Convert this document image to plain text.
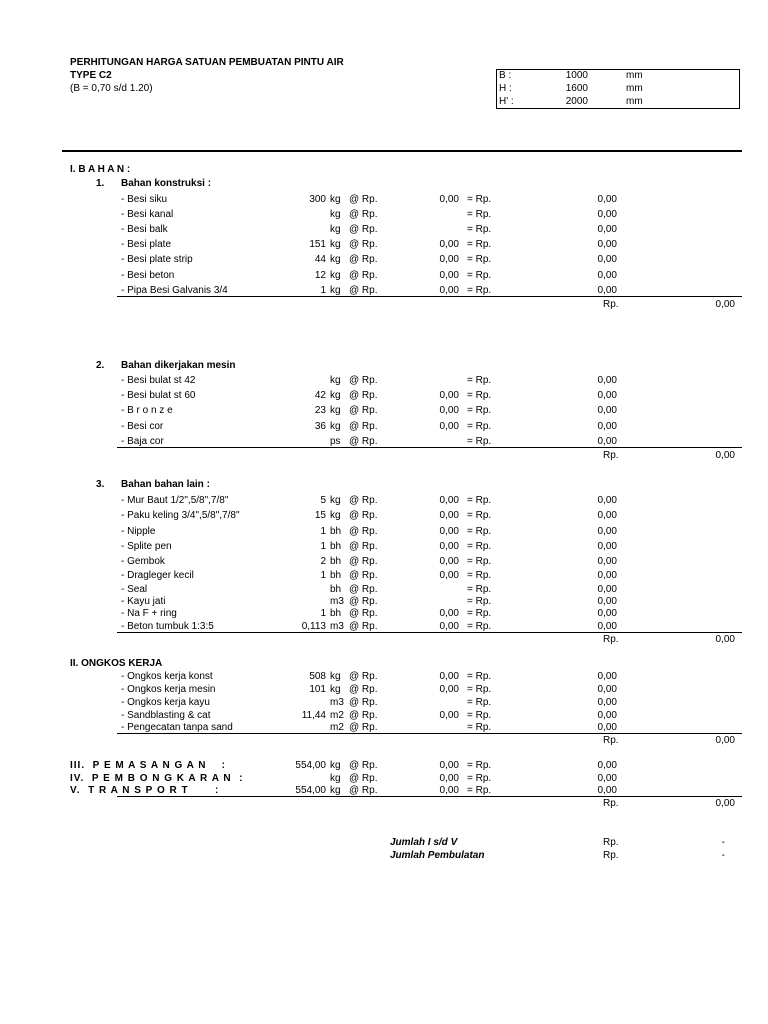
PERHITUNGAN HARGA SATUAN PEMBUATAN PINTU AIR
TYPE C2
(B = 0,70 s/d 1.20)
B :	1000	mm
H :	1600	mm
H' :	2000	mm
I. B A H A N :
1. Bahan konstruksi :
- Besi siku	300 kg @ Rp.	0,00 = Rp.	0,00
- Besi kanal	kg @ Rp.	= Rp.	0,00
- Besi balk	kg @ Rp.	= Rp.	0,00
- Besi plate	151 kg @ Rp.	0,00 = Rp.	0,00
- Besi plate strip	44 kg @ Rp.	0,00 = Rp.	0,00
- Besi beton	12 kg @ Rp.	0,00 = Rp.	0,00
- Pipa Besi Galvanis 3/4	1 kg @ Rp.	0,00 = Rp.	0,00
Rp.	0,00
2. Bahan dikerjakan mesin
- Besi bulat st 42	kg @ Rp.	= Rp.	0,00
- Besi bulat st 60	42 kg @ Rp.	0,00 = Rp.	0,00
- B r o n z e	23 kg @ Rp.	0,00 = Rp.	0,00
- Besi cor	36 kg @ Rp.	0,00 = Rp.	0,00
- Baja cor	ps @ Rp.	= Rp.	0,00
Rp.	0,00
3. Bahan bahan lain :
- Mur Baut 1/2",5/8",7/8"	5 kg @ Rp.	0,00 = Rp.	0,00
- Paku keling 3/4",5/8",7/8"	15 kg @ Rp.	0,00 = Rp.	0,00
- Nipple	1 bh @ Rp.	0,00 = Rp.	0,00
- Splite pen	1 bh @ Rp.	0,00 = Rp.	0,00
- Gembok	2 bh @ Rp.	0,00 = Rp.	0,00
- Dragleger kecil	1 bh @ Rp.	0,00 = Rp.	0,00
- Seal	bh @ Rp.	= Rp.	0,00
- Kayu jati	m3 @ Rp.	= Rp.	0,00
- Na F + ring	1 bh @ Rp.	0,00 = Rp.	0,00
- Beton tumbuk 1:3:5	0,113 m3 @ Rp.	0,00 = Rp.	0,00
Rp.	0,00
II. ONGKOS KERJA
- Ongkos kerja konst	508 kg @ Rp.	0,00 = Rp.	0,00
- Ongkos kerja mesin	101 kg @ Rp.	0,00 = Rp.	0,00
- Ongkos kerja kayu	m3 @ Rp.	= Rp.	0,00
- Sandblasting & cat	11,44 m2 @ Rp.	0,00 = Rp.	0,00
- Pengecatan tanpa sand	m2 @ Rp.	= Rp.	0,00
Rp.	0,00
III.  P E M A S A N G A N    :	554,00 kg @ Rp.	0,00 = Rp.	0,00
IV.  P E M B O N G K A R A N  :	kg @ Rp.	0,00 = Rp.	0,00
V.  T R A N S P O R T       :	554,00 kg @ Rp.	0,00 = Rp.	0,00
Rp.	0,00
Jumlah I s/d V	Rp.	-
Jumlah Pembulatan	Rp.	-
